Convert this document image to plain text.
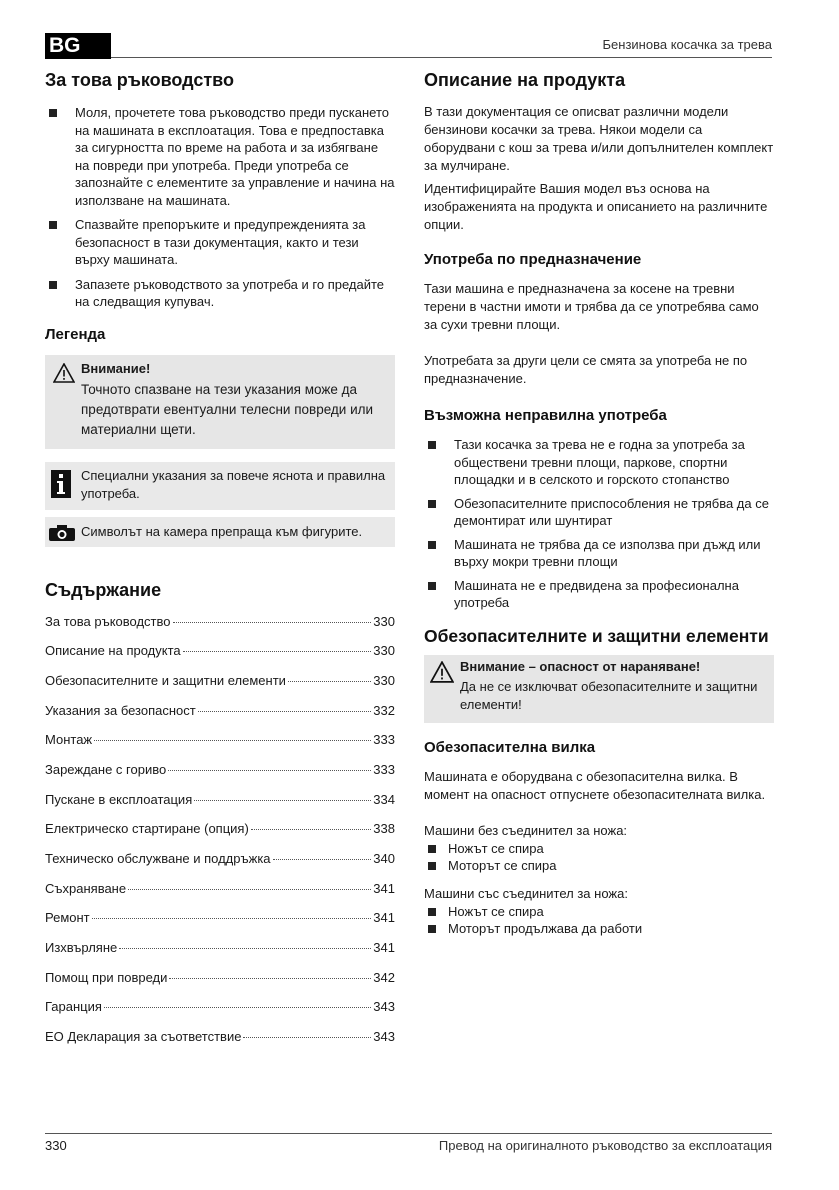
BG	Бензинова косачка за трева
За това ръководство
Моля, прочетете това ръководство преди пускането на машината в експлоатация. Това е предпоставка за сигурността по време на работа и за избягване на повреди при употреба. Преди употреба се запознайте с елементите за управление и начина на използване на машината.
Спазвайте препоръките и предупрежденията за безопасност в тази документация, както и тези върху машината.
Запазете ръководството за употреба и го предайте на следващия купувач.
Легенда
Внимание!

Точното спазване на тези указания може да предотврати евентуални телесни повреди или материални щети.

Специални указания за повече яснота и правилна употреба.

Символът на камера препраща към фигурите.

Съдържание
За това ръководство	330
Описание на продукта	330
Обезопасителните и защитни елементи	330
Указания за безопасност	332
Монтаж	333
Зареждане с гориво	333
Пускане в експлоатация	334
Електрическо стартиране (опция)	338
Техническо обслужване и поддръжка	340
Съхраняване	341
Ремонт	341
Изхвърляне	341
Помощ при повреди	342
Гаранция	343
ЕО Декларация за съответствие	343
Описание на продукта

В тази документация се описват различни модели бензинови косачки за трева. Някои модели са оборудвани с кош за трева и/или допълнителен комплект за мулчиране.

Идентифицирайте Вашия модел въз основа на изображенията на продукта и описанието на различните опции.

Употреба по предназначение

Тази машина е предназначена за косене на тревни терени в частни имоти и трябва да се употребява само за сухи тревни площи.

Употребата за други цели се смята за употреба не по предназначение.

Възможна неправилна употреба
Тази косачка за трева не е годна за употреба за обществени тревни площи, паркове, спортни площадки и в селското и горското стопанство
Обезопасителните приспособления не трябва да се демонтират или шунтират
Машината не трябва да се използва при дъжд или върху мокри тревни площи
Машината не е предвидена за професионална употреба
Обезопасителните и защитни елементи
Внимание – опасност от нараняване!

Да не се изключват обезопасителните и защитни елементи!

Обезопасителна вилка

Машината е оборудвана с обезопасителна вилка. В момент на опасност отпуснете обезопасителната вилка.

Машини без съединител за ножа:

Ножът се спира
Моторът се спира

Машини със съединител за ножа:

Ножът се спира
Моторът продължава да работи
330	Превод на оригиналното ръководство за експлоатация
